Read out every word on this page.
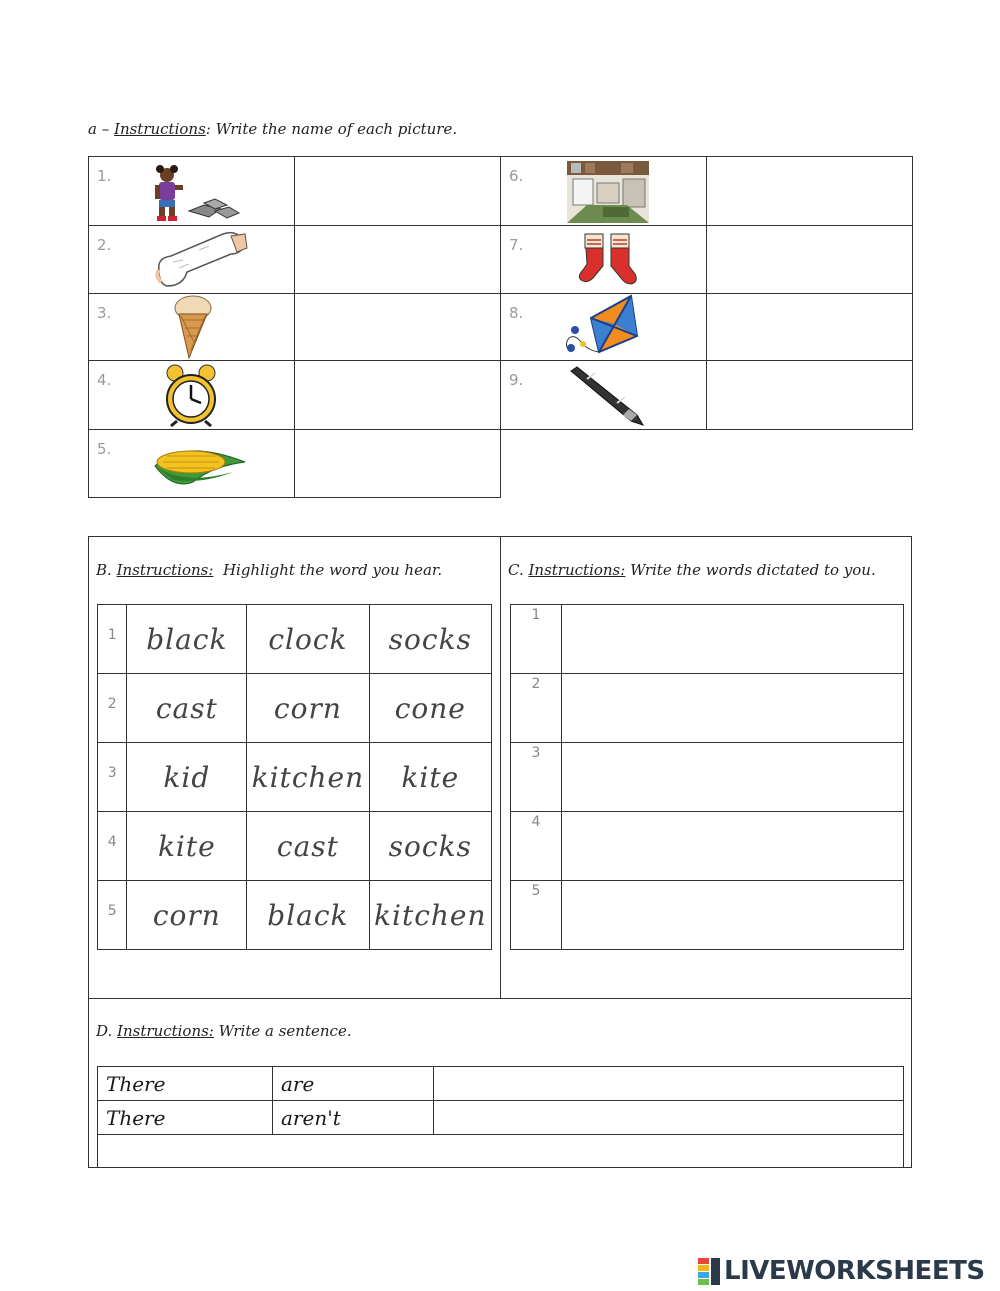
a – Instructions: Write the name of each picture.
1.		6.	

2.		7.	

3.		8.	

4.		9.	

5.			

B. Instructions: Highlight the word you hear.
1	black	clock	socks
2	cast	corn	cone
3	kid	kitchen	kite
4	kite	cast	socks
5	corn	black	kitchen
C. Instructions: Write the words dictated to you.
1	
2	
3	
4	
5	
D. Instructions: Write a sentence.
There	are	
There	aren't	

LIVEWORKSHEETS
